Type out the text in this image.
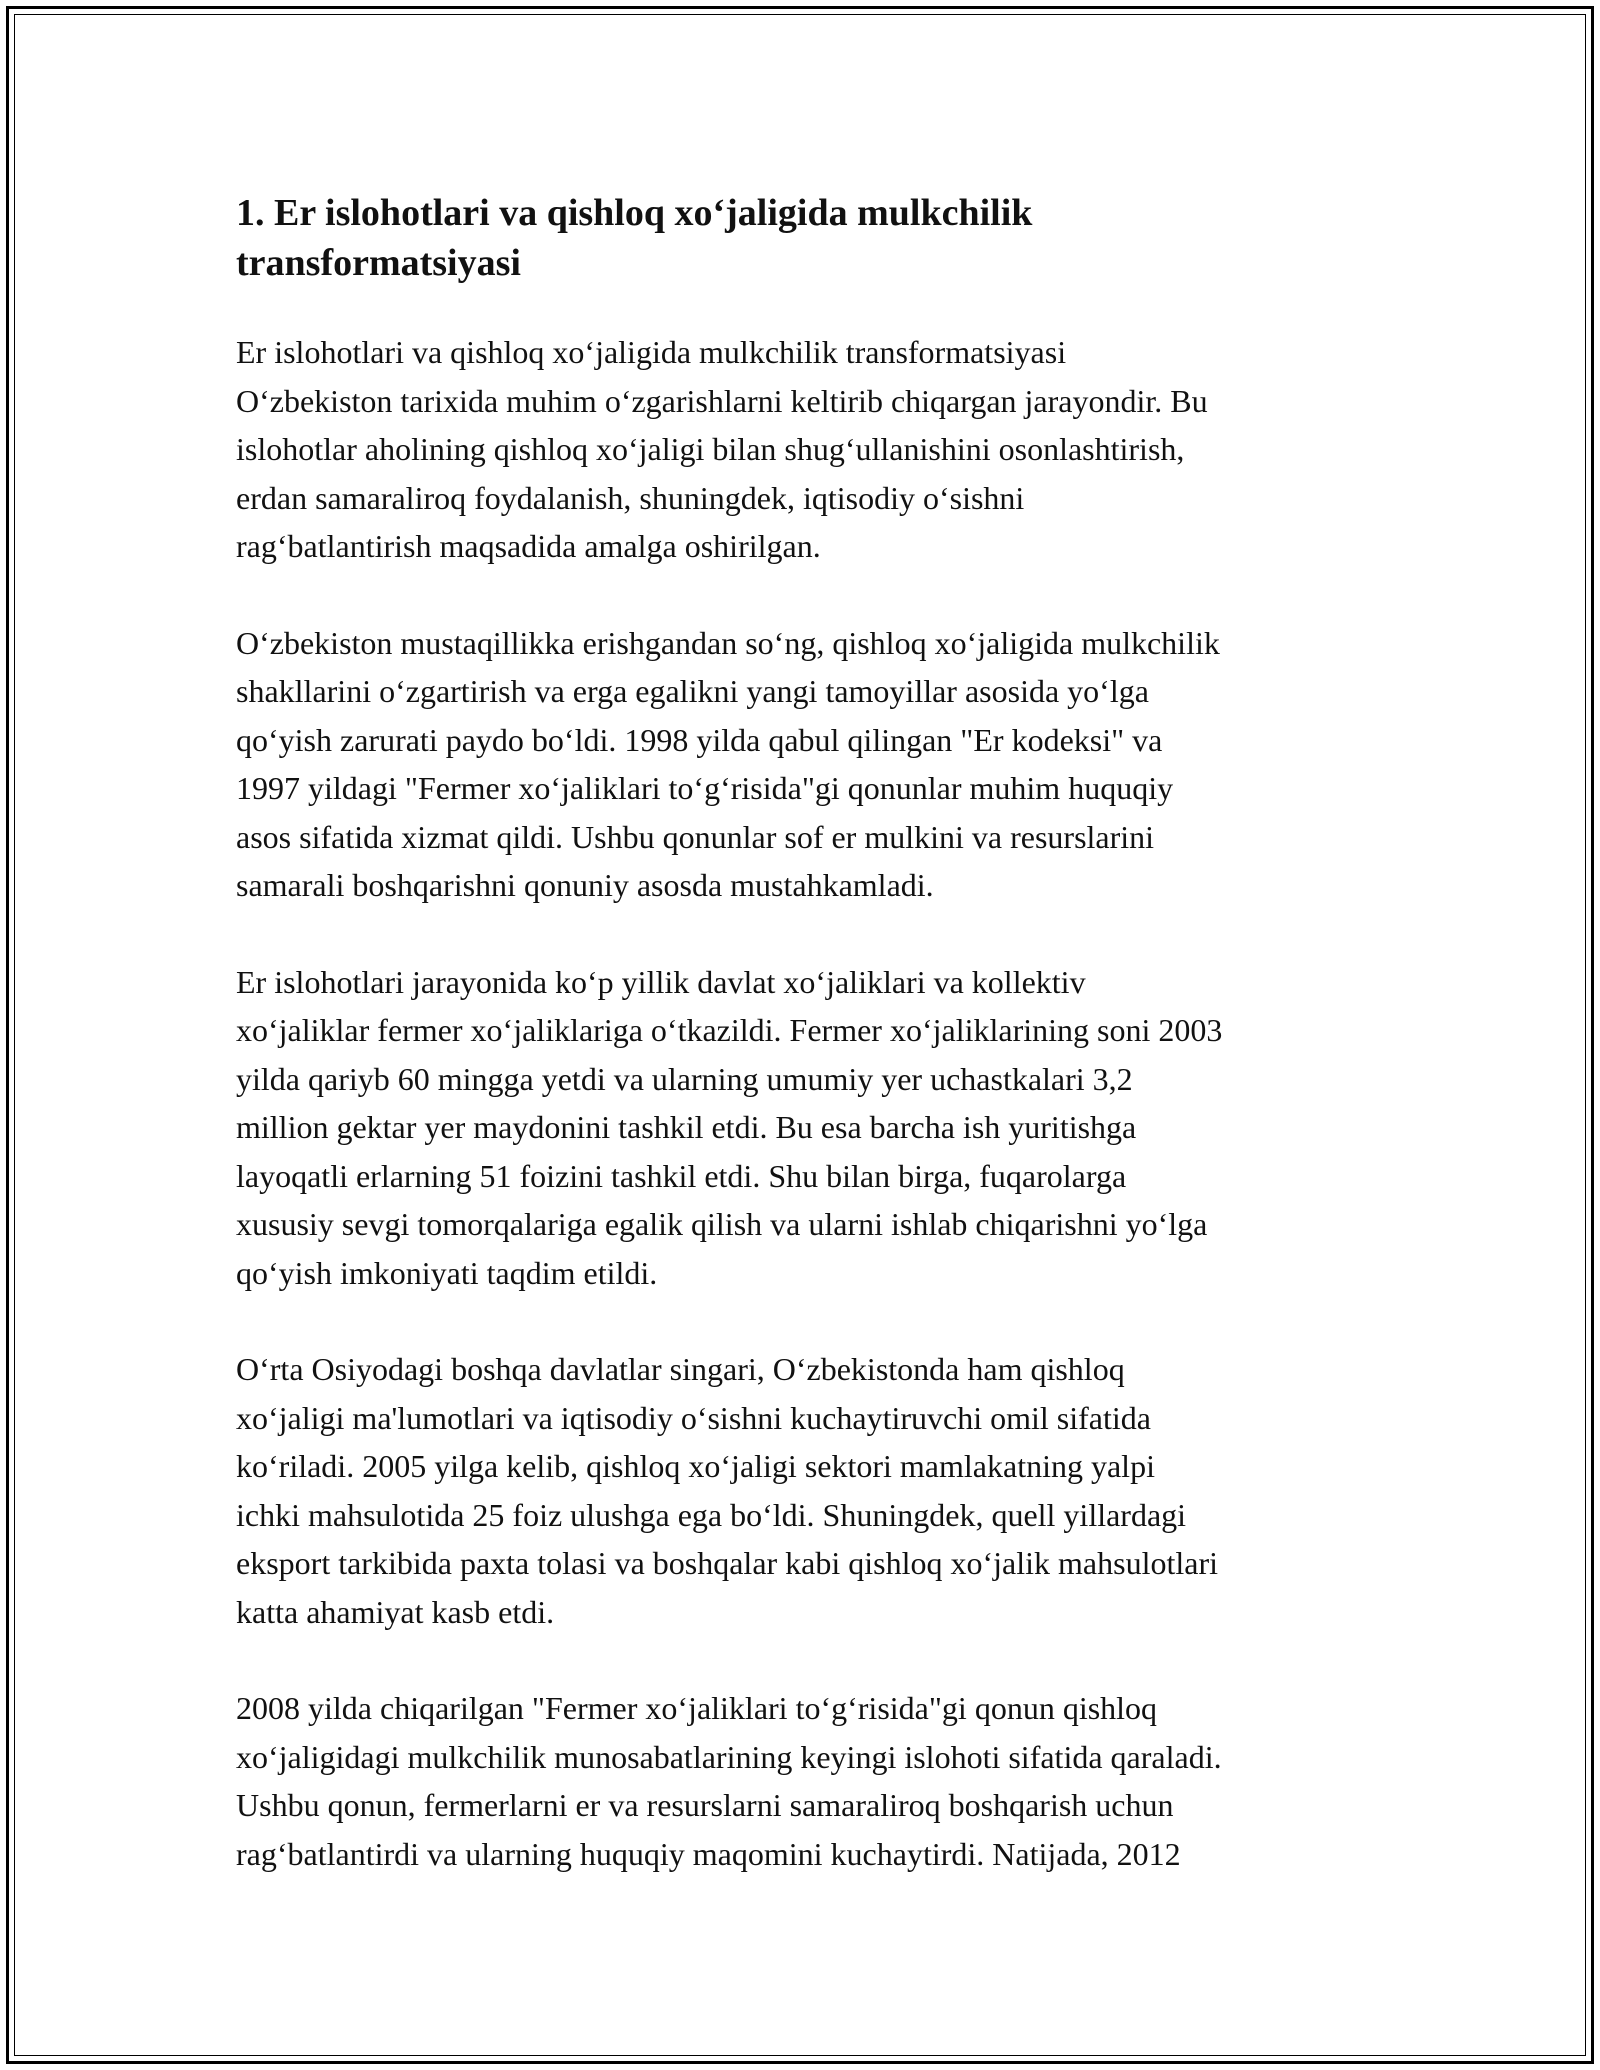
1. Er islohotlari va qishloq xo‘jaligida mulkchilik
transformatsiyasi

Er islohotlari va qishloq xo‘jaligida mulkchilik transformatsiyasi
O‘zbekiston tarixida muhim o‘zgarishlarni keltirib chiqargan jarayondir. Bu
islohotlar aholining qishloq xo‘jaligi bilan shug‘ullanishini osonlashtirish,
erdan samaraliroq foydalanish, shuningdek, iqtisodiy o‘sishni
rag‘batlantirish maqsadida amalga oshirilgan.

O‘zbekiston mustaqillikka erishgandan so‘ng, qishloq xo‘jaligida mulkchilik
shakllarini o‘zgartirish va erga egalikni yangi tamoyillar asosida yo‘lga
qo‘yish zarurati paydo bo‘ldi. 1998 yilda qabul qilingan "Er kodeksi" va
1997 yildagi "Fermer xo‘jaliklari to‘g‘risida"gi qonunlar muhim huquqiy
asos sifatida xizmat qildi. Ushbu qonunlar sof er mulkini va resurslarini
samarali boshqarishni qonuniy asosda mustahkamladi.

Er islohotlari jarayonida ko‘p yillik davlat xo‘jaliklari va kollektiv
xo‘jaliklar fermer xo‘jaliklariga o‘tkazildi. Fermer xo‘jaliklarining soni 2003
yilda qariyb 60 mingga yetdi va ularning umumiy yer uchastkalari 3,2
million gektar yer maydonini tashkil etdi. Bu esa barcha ish yuritishga
layoqatli erlarning 51 foizini tashkil etdi. Shu bilan birga, fuqarolarga
xususiy sevgi tomorqalariga egalik qilish va ularni ishlab chiqarishni yo‘lga
qo‘yish imkoniyati taqdim etildi.

O‘rta Osiyodagi boshqa davlatlar singari, O‘zbekistonda ham qishloq
xo‘jaligi ma'lumotlari va iqtisodiy o‘sishni kuchaytiruvchi omil sifatida
ko‘riladi. 2005 yilga kelib, qishloq xo‘jaligi sektori mamlakatning yalpi
ichki mahsulotida 25 foiz ulushga ega bo‘ldi. Shuningdek, quell yillardagi
eksport tarkibida paxta tolasi va boshqalar kabi qishloq xo‘jalik mahsulotlari
katta ahamiyat kasb etdi.

2008 yilda chiqarilgan "Fermer xo‘jaliklari to‘g‘risida"gi qonun qishloq
xo‘jaligidagi mulkchilik munosabatlarining keyingi islohoti sifatida qaraladi.
Ushbu qonun, fermerlarni er va resurslarni samaraliroq boshqarish uchun
rag‘batlantirdi va ularning huquqiy maqomini kuchaytirdi. Natijada, 2012
